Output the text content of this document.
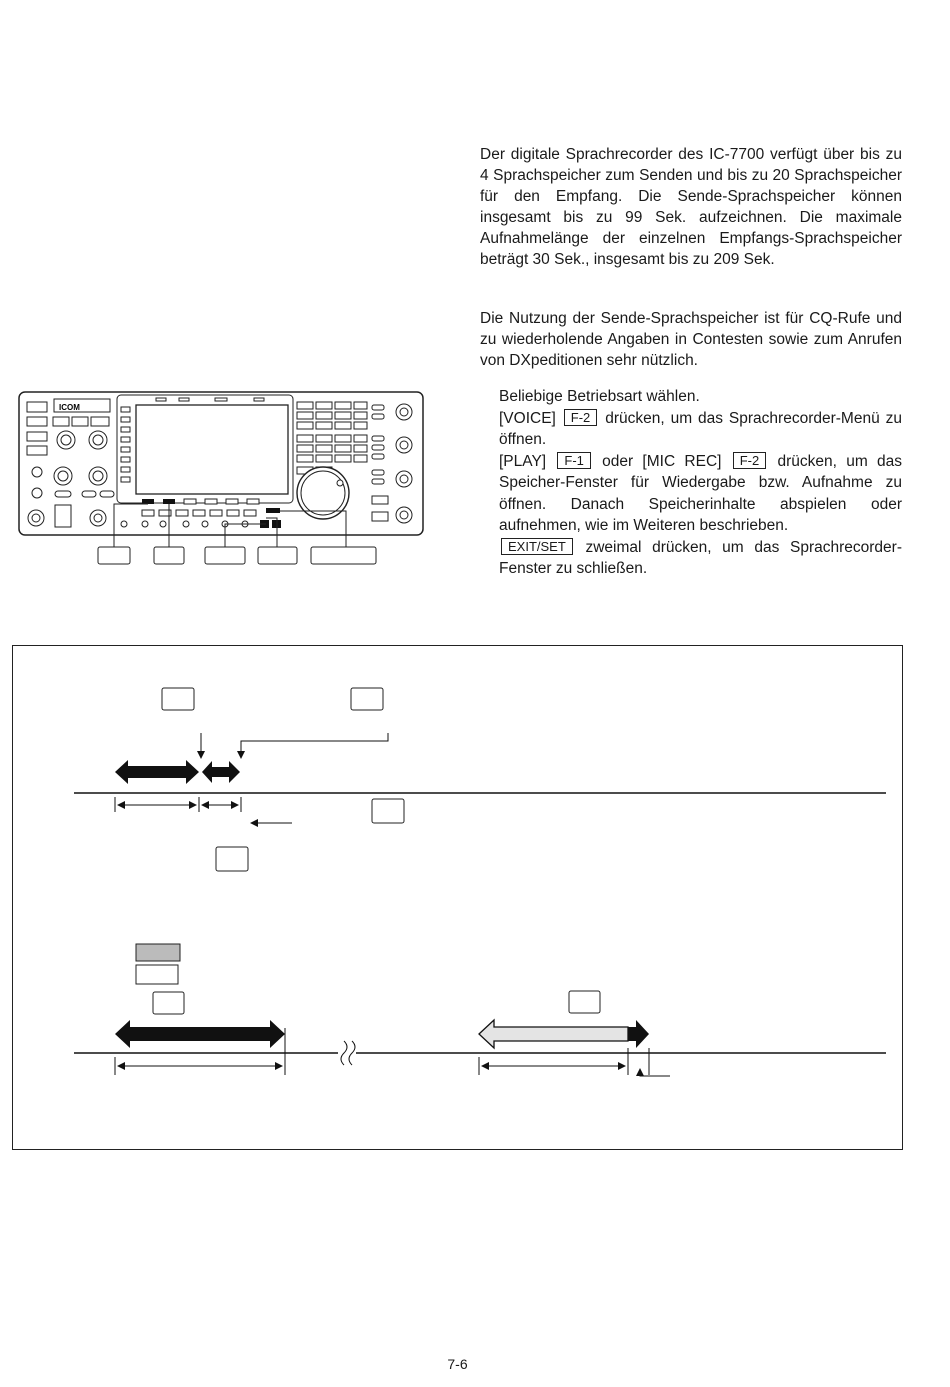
Der digitale Sprachrecorder des IC-7700 verfügt über bis zu 4 Sprachspeicher zum Senden und bis zu 20 Sprachspeicher für den Empfang. Die Sende-Sprachspeicher können insgesamt bis zu 99 Sek. aufzeichnen. Die maximale Aufnahmelänge der einzelnen Empfangs-Sprachspeicher beträgt 30 Sek., insgesamt bis zu 209 Sek.

Die Nutzung der Sende-Sprachspeicher ist für CQ-Rufe und zu wiederholende Angaben in Contesten sowie zum Anrufen von DXpeditionen sehr nützlich.

Beliebige Betriebsart wählen.
[VOICE] F-2 drücken, um das Sprachrecorder-Menü zu öffnen.
[PLAY] F-1 oder [MIC REC] F-2 drücken, um das Speicher-Fenster für Wiedergabe bzw. Aufnahme zu öffnen. Danach Speicherinhalte abspielen oder aufnehmen, wie im Weiteren beschrieben.
EXIT/SET zweimal drücken, um das Sprachrecorder-Fenster zu schließen.
ICOM
7-6
